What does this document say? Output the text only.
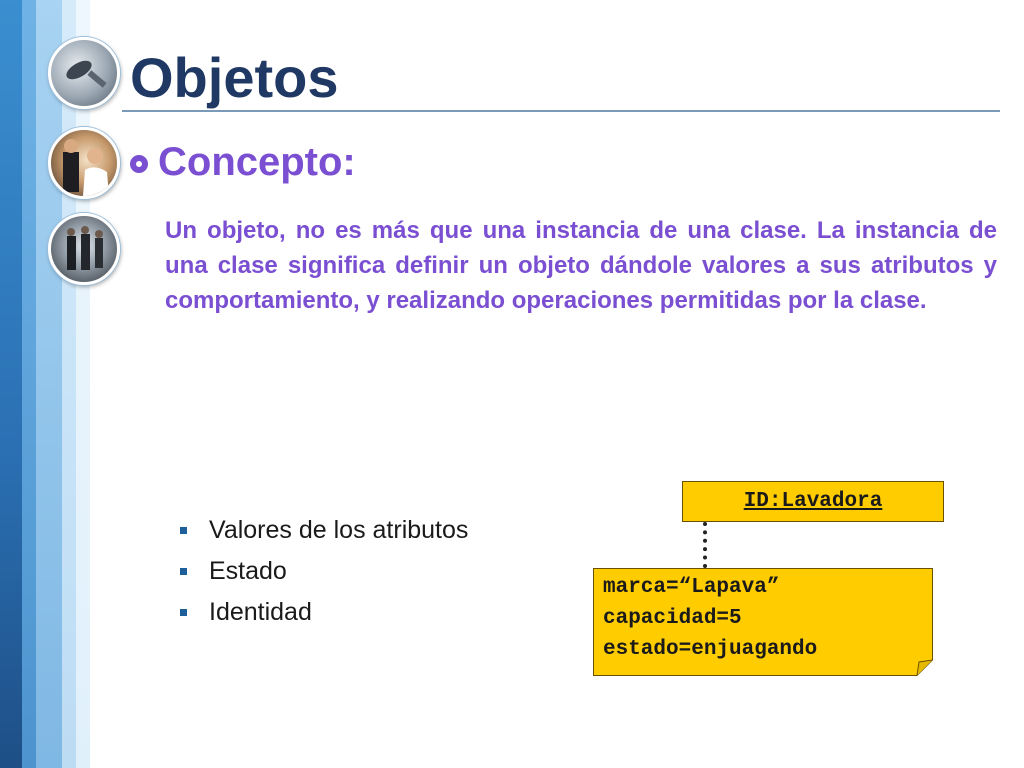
Objetos
Concepto:

Un objeto, no es más que una instancia de una clase. La instancia de una clase significa definir un objeto dándole valores a sus atributos y comportamiento, y realizando operaciones permitidas por la clase.

Valores de los atributos
Estado
Identidad
ID:Lavadora
marca=“Lapava”
capacidad=5
estado=enjuagando
